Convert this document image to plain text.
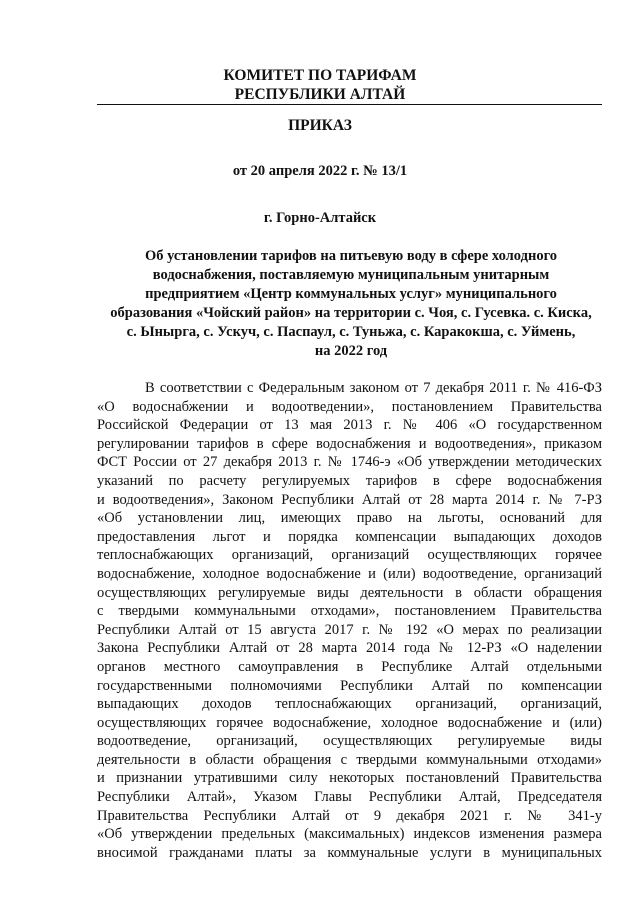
КОМИТЕТ ПО ТАРИФАМ
РЕСПУБЛИКИ АЛТАЙ
ПРИКАЗ
от 20 апреля 2022 г. № 13/1
г. Горно-Алтайск
Об установлении тарифов на питьевую воду в сфере холодного
водоснабжения, поставляемую муниципальным унитарным
предприятием «Центр коммунальных услуг» муниципального
образования «Чойский район» на территории с. Чоя, с. Гусевка. с. Киска,
с. Ынырга, с. Ускуч, с. Паспаул, с. Туньжа, с. Каракокша, с. Уймень,
на 2022 год
В соответствии с Федеральным законом от 7 декабря 2011 г. № 416-ФЗ
«О водоснабжении и водоотведении», постановлением Правительства
Российской Федерации от 13 мая 2013 г. № 406 «О государственном
регулировании тарифов в сфере водоснабжения и водоотведения», приказом
ФСТ России от 27 декабря 2013 г. № 1746-э «Об утверждении методических
указаний по расчету регулируемых тарифов в сфере водоснабжения
и водоотведения», Законом Республики Алтай от 28 марта 2014 г. № 7-РЗ
«Об установлении лиц, имеющих право на льготы, оснований для
предоставления льгот и порядка компенсации выпадающих доходов
теплоснабжающих организаций, организаций осуществляющих горячее
водоснабжение, холодное водоснабжение и (или) водоотведение, организаций
осуществляющих регулируемые виды деятельности в области обращения
с твердыми коммунальными отходами», постановлением Правительства
Республики Алтай от 15 августа 2017 г. № 192 «О мерах по реализации
Закона Республики Алтай от 28 марта 2014 года № 12-РЗ «О наделении
органов местного самоуправления в Республике Алтай отдельными
государственными полномочиями Республики Алтай по компенсации
выпадающих доходов теплоснабжающих организаций, организаций,
осуществляющих горячее водоснабжение, холодное водоснабжение и (или)
водоотведение, организаций, осуществляющих регулируемые виды
деятельности в области обращения с твердыми коммунальными отходами»
и признании утратившими силу некоторых постановлений Правительства
Республики Алтай», Указом Главы Республики Алтай, Председателя
Правительства Республики Алтай от 9 декабря 2021 г. № 341-у
«Об утверждении предельных (максимальных) индексов изменения размера
вносимой гражданами платы за коммунальные услуги в муниципальных
